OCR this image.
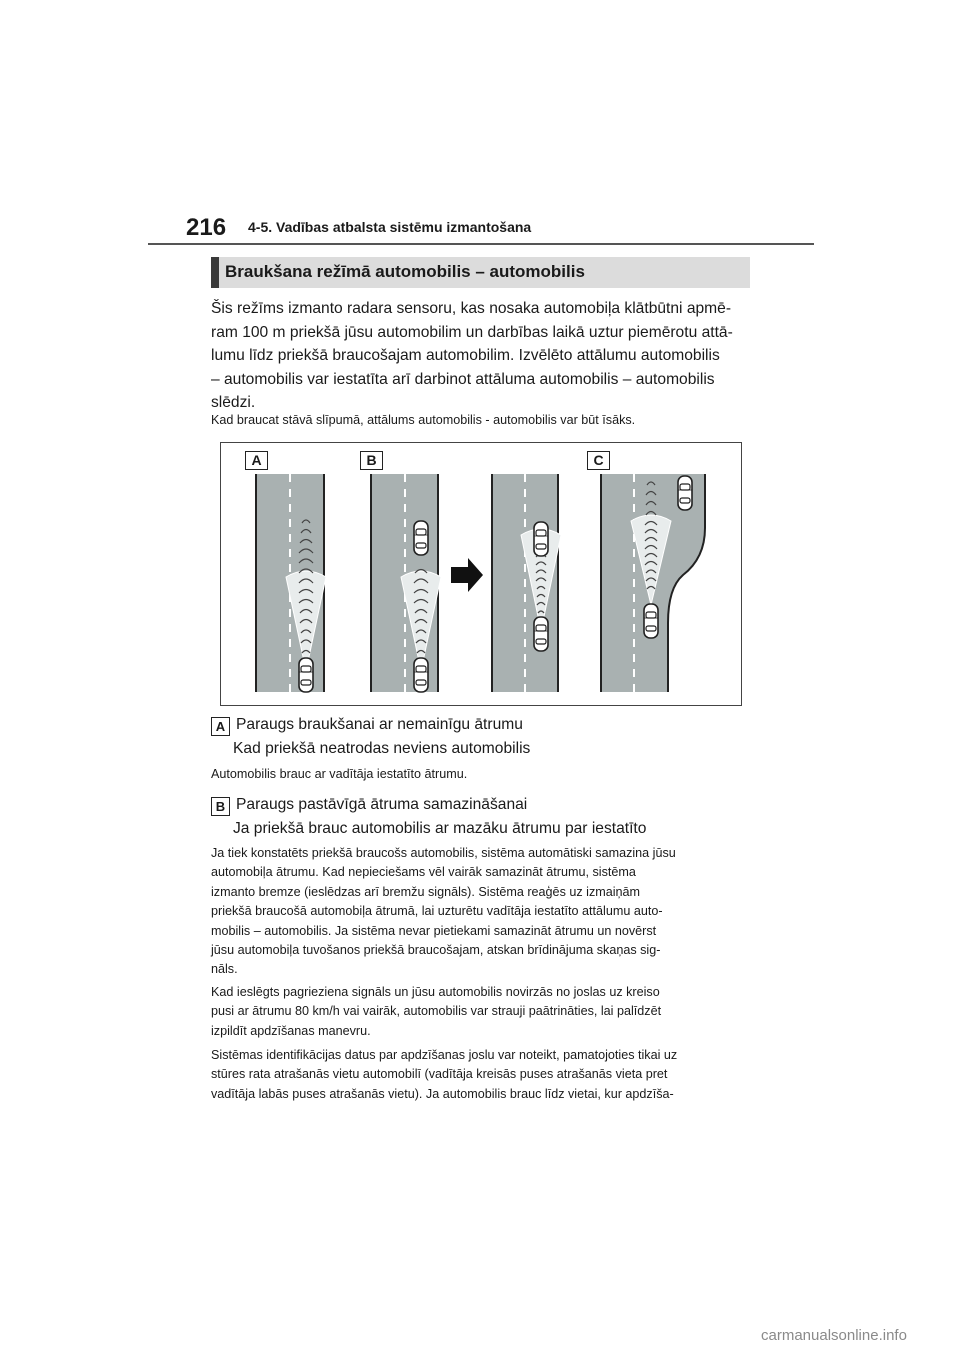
216 4-5. Vadības atbalsta sistēmu izmantošana
Braukšana režīmā automobilis – automobilis
Šis režīms izmanto radara sensoru, kas nosaka automobiļa klātbūtni apmē-
ram 100 m priekšā jūsu automobilim un darbības laikā uztur piemērotu attā-
lumu līdz priekšā braucošajam automobilim. Izvēlēto attālumu automobilis
– automobilis var iestatīta arī darbinot attāluma automobilis – automobilis
slēdzi.
Kad braucat stāvā slīpumā, attālums automobilis - automobilis var būt īsāks.
A	B	C
A Paraugs braukšanai ar nemainīgu ātrumu
Kad priekšā neatrodas neviens automobilis
Automobilis brauc ar vadītāja iestatīto ātrumu.
B Paraugs pastāvīgā ātruma samazināšanai
Ja priekšā brauc automobilis ar mazāku ātrumu par iestatīto
Ja tiek konstatēts priekšā braucošs automobilis, sistēma automātiski samazina jūsu
automobiļa ātrumu. Kad nepieciešams vēl vairāk samazināt ātrumu, sistēma
izmanto bremze (ieslēdzas arī bremžu signāls). Sistēma reaģēs uz izmaiņām
priekšā braucošā automobiļa ātrumā, lai uzturētu vadītāja iestatīto attālumu auto-
mobilis – automobilis. Ja sistēma nevar pietiekami samazināt ātrumu un novērst
jūsu automobiļa tuvošanos priekšā braucošajam, atskan brīdinājuma skaņas sig-
nāls.
Kad ieslēgts pagrieziena signāls un jūsu automobilis novirzās no joslas uz kreiso
pusi ar ātrumu 80 km/h vai vairāk, automobilis var strauji paātrināties, lai palīdzēt
izpildīt apdzīšanas manevru.
Sistēmas identifikācijas datus par apdzīšanas joslu var noteikt, pamatojoties tikai uz
stūres rata atrašanās vietu automobilī (vadītāja kreisās puses atrašanās vieta pret
vadītāja labās puses atrašanās vietu). Ja automobilis brauc līdz vietai, kur apdzīša-
carmanualsonline.info
